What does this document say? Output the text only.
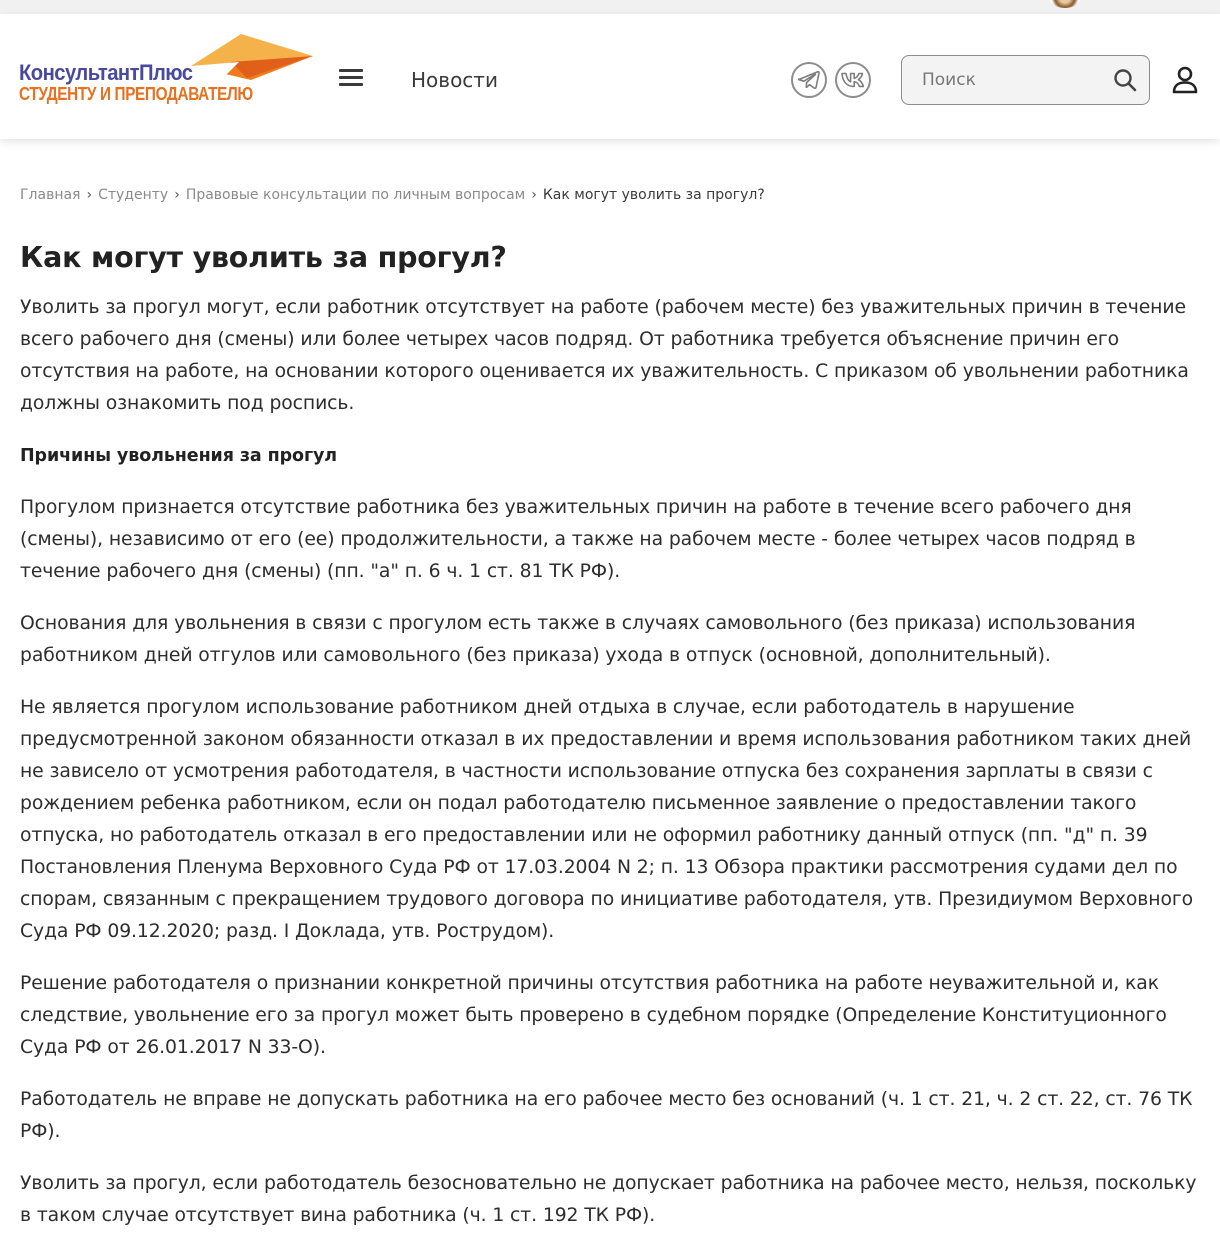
КонсультантПлюс
СТУДЕНТУ И ПРЕПОДАВАТЕЛЮ
Новости
Поиск
Главная › Студенту › Правовые консультации по личным вопросам › Как могут уволить за прогул?
Как могут уволить за прогул?

Уволить за прогул могут, если работник отсутствует на работе (рабочем месте) без уважительных причин в течение всего рабочего дня (смены) или более четырех часов подряд. От работника требуется объяснение причин его отсутствия на работе, на основании которого оценивается их уважительность. С приказом об увольнении работника должны ознакомить под роспись.

Причины увольнения за прогул

Прогулом признается отсутствие работника без уважительных причин на работе в течение всего рабочего дня (смены), независимо от его (ее) продолжительности, а также на рабочем месте - более четырех часов подряд в течение рабочего дня (смены) (пп. "а" п. 6 ч. 1 ст. 81 ТК РФ).

Основания для увольнения в связи с прогулом есть также в случаях самовольного (без приказа) использования работником дней отгулов или самовольного (без приказа) ухода в отпуск (основной, дополнительный).

Не является прогулом использование работником дней отдыха в случае, если работодатель в нарушение предусмотренной законом обязанности отказал в их предоставлении и время использования работником таких дней не зависело от усмотрения работодателя, в частности использование отпуска без сохранения зарплаты в связи с рождением ребенка работником, если он подал работодателю письменное заявление о предоставлении такого отпуска, но работодатель отказал в его предоставлении или не оформил работнику данный отпуск (пп. "д" п. 39 Постановления Пленума Верховного Суда РФ от 17.03.2004 N 2; п. 13 Обзора практики рассмотрения судами дел по спорам, связанным с прекращением трудового договора по инициативе работодателя, утв. Президиумом Верховного Суда РФ 09.12.2020; разд. I Доклада, утв. Рострудом).

Решение работодателя о признании конкретной причины отсутствия работника на работе неуважительной и, как следствие, увольнение его за прогул может быть проверено в судебном порядке (Определение Конституционного Суда РФ от 26.01.2017 N 33-О).

Работодатель не вправе не допускать работника на его рабочее место без оснований (ч. 1 ст. 21, ч. 2 ст. 22, ст. 76 ТК РФ).

Уволить за прогул, если работодатель безосновательно не допускает работника на рабочее место, нельзя, поскольку в таком случае отсутствует вина работника (ч. 1 ст. 192 ТК РФ).
